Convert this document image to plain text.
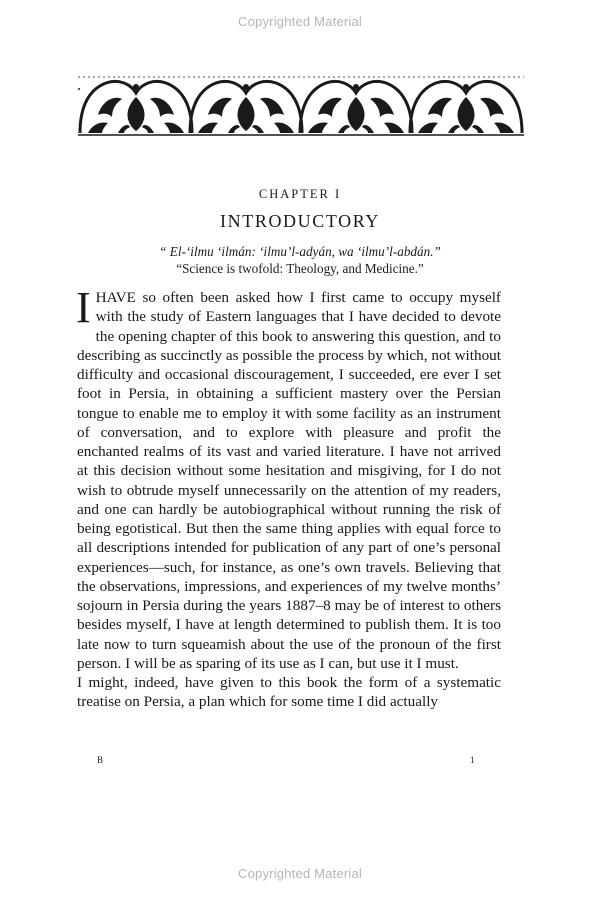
Copyrighted Material
CHAPTER I
INTRODUCTORY
“ El-‘ilmu ‘ilmán: ‘ilmu’l-adyán, wa ‘ilmu’l-abdán.”
“Science is twofold: Theology, and Medicine.”

IHAVE so often been asked how I first came to occupy myself with the study of Eastern languages that I have decided to devote the opening chapter of this book to answering this question, and to describing as succinctly as possible the process by which, not without difficulty and occasional discouragement, I succeeded, ere ever I set foot in Persia, in obtaining a sufficient mastery over the Persian tongue to enable me to employ it with some facility as an instrument of conversation, and to explore with pleasure and profit the enchanted realms of its vast and varied literature. I have not arrived at this decision without some hesitation and misgiving, for I do not wish to obtrude myself unnecessarily on the attention of my readers, and one can hardly be autobiographical without running the risk of being egotistical. But then the same thing applies with equal force to all descriptions intended for publication of any part of one’s personal experiences—such, for instance, as one’s own travels. Believing that the observations, impressions, and experiences of my twelve months’ sojourn in Persia during the years 1887–8 may be of interest to others besides myself, I have at length determined to publish them. It is too late now to turn squeamish about the use of the pronoun of the first person. I will be as sparing of its use as I can, but use it I must.

I might, indeed, have given to this book the form of a systematic treatise on Persia, a plan which for some time I did actually

B	1
Copyrighted Material
